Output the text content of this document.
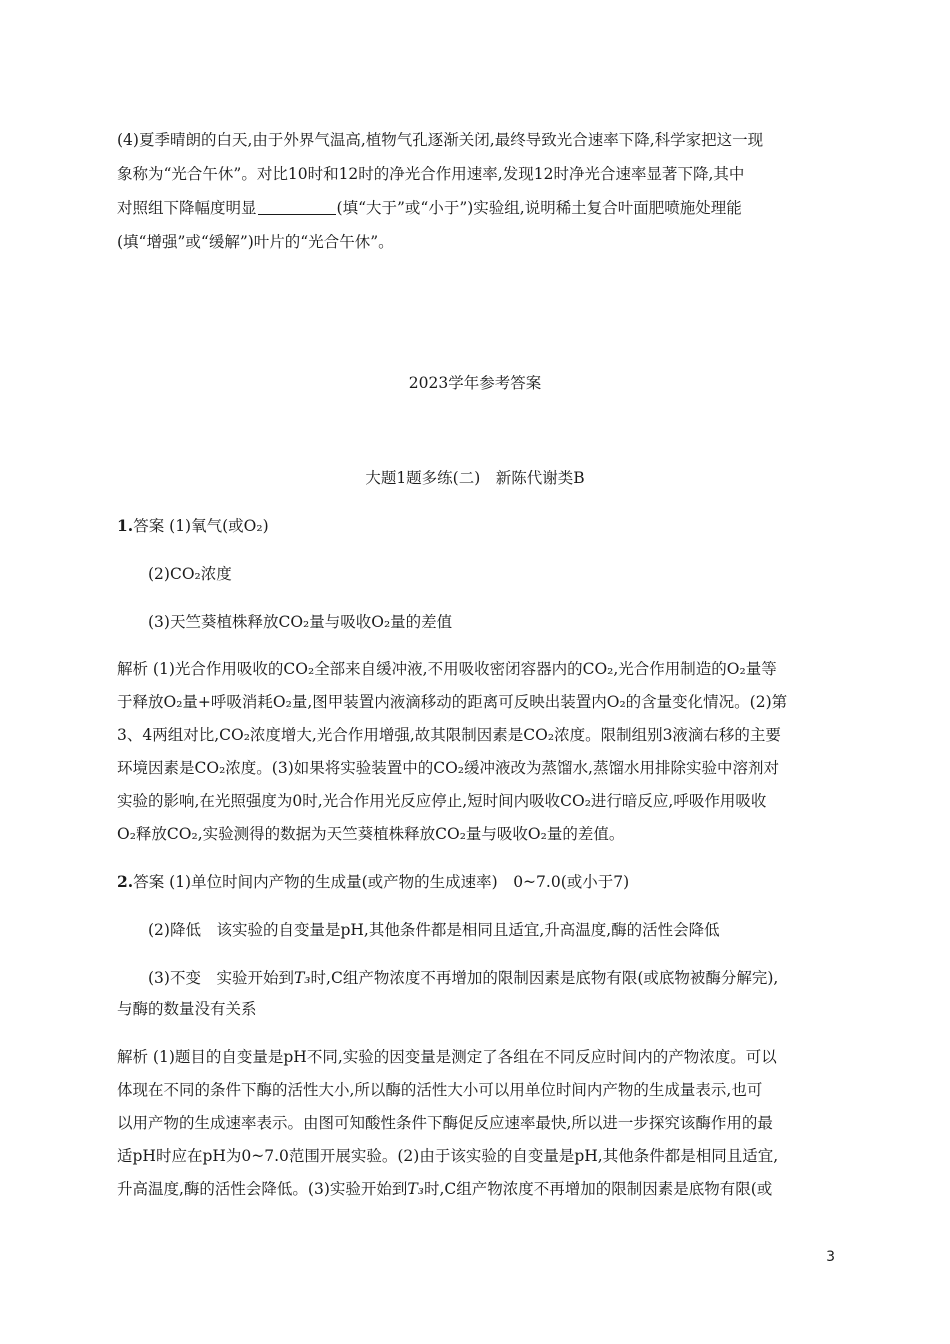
(4)夏季晴朗的白天,由于外界气温高,植物气孔逐渐关闭,最终导致光合速率下降,科学家把这一现
象称为“光合午休”。对比10时和12时的净光合作用速率,发现12时净光合速率显著下降,其中
对照组下降幅度明显	(填“大于”或“小于”)实验组,说明稀土复合叶面肥喷施处理能
(填“增强”或“缓解”)叶片的“光合午休”。
2023学年参考答案
大题1题多练(二)　新陈代谢类B
1.答案 (1)氧气(或O₂)
(2)CO₂浓度
(3)天竺葵植株释放CO₂量与吸收O₂量的差值
解析 (1)光合作用吸收的CO₂全部来自缓冲液,不用吸收密闭容器内的CO₂,光合作用制造的O₂量等
于释放O₂量+呼吸消耗O₂量,图甲装置内液滴移动的距离可反映出装置内O₂的含量变化情况。(2)第
3、4两组对比,CO₂浓度增大,光合作用增强,故其限制因素是CO₂浓度。限制组别3液滴右移的主要
环境因素是CO₂浓度。(3)如果将实验装置中的CO₂缓冲液改为蒸馏水,蒸馏水用排除实验中溶剂对
实验的影响,在光照强度为0时,光合作用光反应停止,短时间内吸收CO₂进行暗反应,呼吸作用吸收
O₂释放CO₂,实验测得的数据为天竺葵植株释放CO₂量与吸收O₂量的差值。
2.答案 (1)单位时间内产物的生成量(或产物的生成速率)　0~7.0(或小于7)
(2)降低　该实验的自变量是pH,其他条件都是相同且适宜,升高温度,酶的活性会降低
(3)不变　实验开始到T₃时,C组产物浓度不再增加的限制因素是底物有限(或底物被酶分解完),
与酶的数量没有关系
解析 (1)题目的自变量是pH不同,实验的因变量是测定了各组在不同反应时间内的产物浓度。可以
体现在不同的条件下酶的活性大小,所以酶的活性大小可以用单位时间内产物的生成量表示,也可
以用产物的生成速率表示。由图可知酸性条件下酶促反应速率最快,所以进一步探究该酶作用的最
适pH时应在pH为0~7.0范围开展实验。(2)由于该实验的自变量是pH,其他条件都是相同且适宜,
升高温度,酶的活性会降低。(3)实验开始到T₃时,C组产物浓度不再增加的限制因素是底物有限(或
3
